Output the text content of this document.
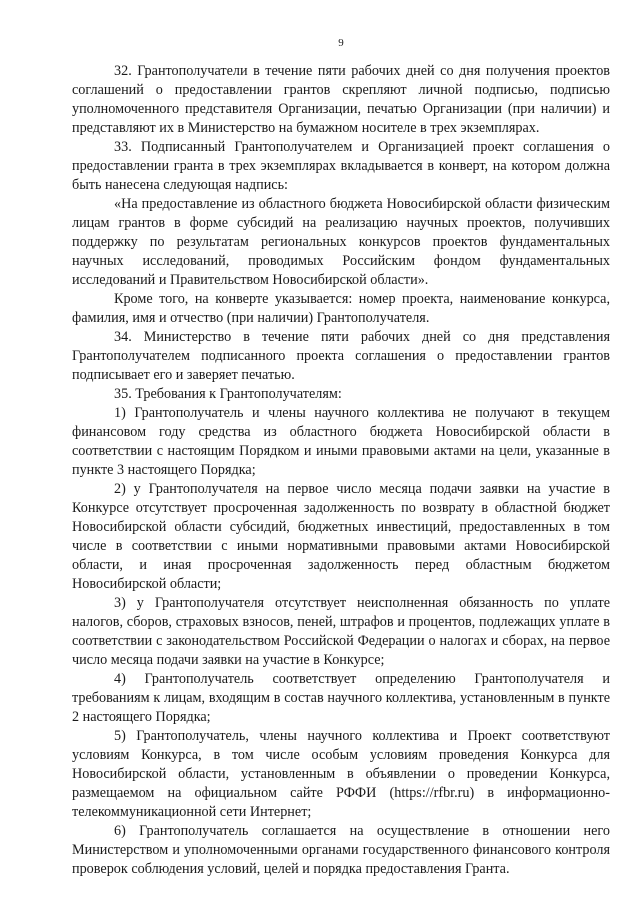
9

32. Грантополучатели в течение пяти рабочих дней со дня получения проектов соглашений о предоставлении грантов скрепляют личной подписью, подписью уполномоченного представителя Организации, печатью Организации (при наличии) и представляют их в Министерство на бумажном носителе в трех экземплярах.

33. Подписанный Грантополучателем и Организацией проект соглашения о предоставлении гранта в трех экземплярах вкладывается в конверт, на котором должна быть нанесена следующая надпись:

«На предоставление из областного бюджета Новосибирской области физическим лицам грантов в форме субсидий на реализацию научных проектов, получивших поддержку по результатам региональных конкурсов проектов фундаментальных научных исследований, проводимых Российским фондом фундаментальных исследований и Правительством Новосибирской области».

Кроме того, на конверте указывается: номер проекта, наименование конкурса, фамилия, имя и отчество (при наличии) Грантополучателя.

34. Министерство в течение пяти рабочих дней со дня представления Грантополучателем подписанного проекта соглашения о предоставлении грантов подписывает его и заверяет печатью.

35. Требования к Грантополучателям:

1) Грантополучатель и члены научного коллектива не получают в текущем финансовом году средства из областного бюджета Новосибирской области в соответствии с настоящим Порядком и иными правовыми актами на цели, указанные в пункте 3 настоящего Порядка;

2) у Грантополучателя на первое число месяца подачи заявки на участие в Конкурсе отсутствует просроченная задолженность по возврату в областной бюджет Новосибирской области субсидий, бюджетных инвестиций, предоставленных в том числе в соответствии с иными нормативными правовыми актами Новосибирской области, и иная просроченная задолженность перед областным бюджетом Новосибирской области;

3) у Грантополучателя отсутствует неисполненная обязанность по уплате налогов, сборов, страховых взносов, пеней, штрафов и процентов, подлежащих уплате в соответствии с законодательством Российской Федерации о налогах и сборах, на первое число месяца подачи заявки на участие в Конкурсе;

4) Грантополучатель соответствует определению Грантополучателя и требованиям к лицам, входящим в состав научного коллектива, установленным в пункте 2 настоящего Порядка;

5) Грантополучатель, члены научного коллектива и Проект соответствуют условиям Конкурса, в том числе особым условиям проведения Конкурса для Новосибирской области, установленным в объявлении о проведении Конкурса, размещаемом на официальном сайте РФФИ (https://rfbr.ru) в информационно-телекоммуникационной сети Интернет;

6) Грантополучатель соглашается на осуществление в отношении него Министерством и уполномоченными органами государственного финансового контроля проверок соблюдения условий, целей и порядка предоставления Гранта.
